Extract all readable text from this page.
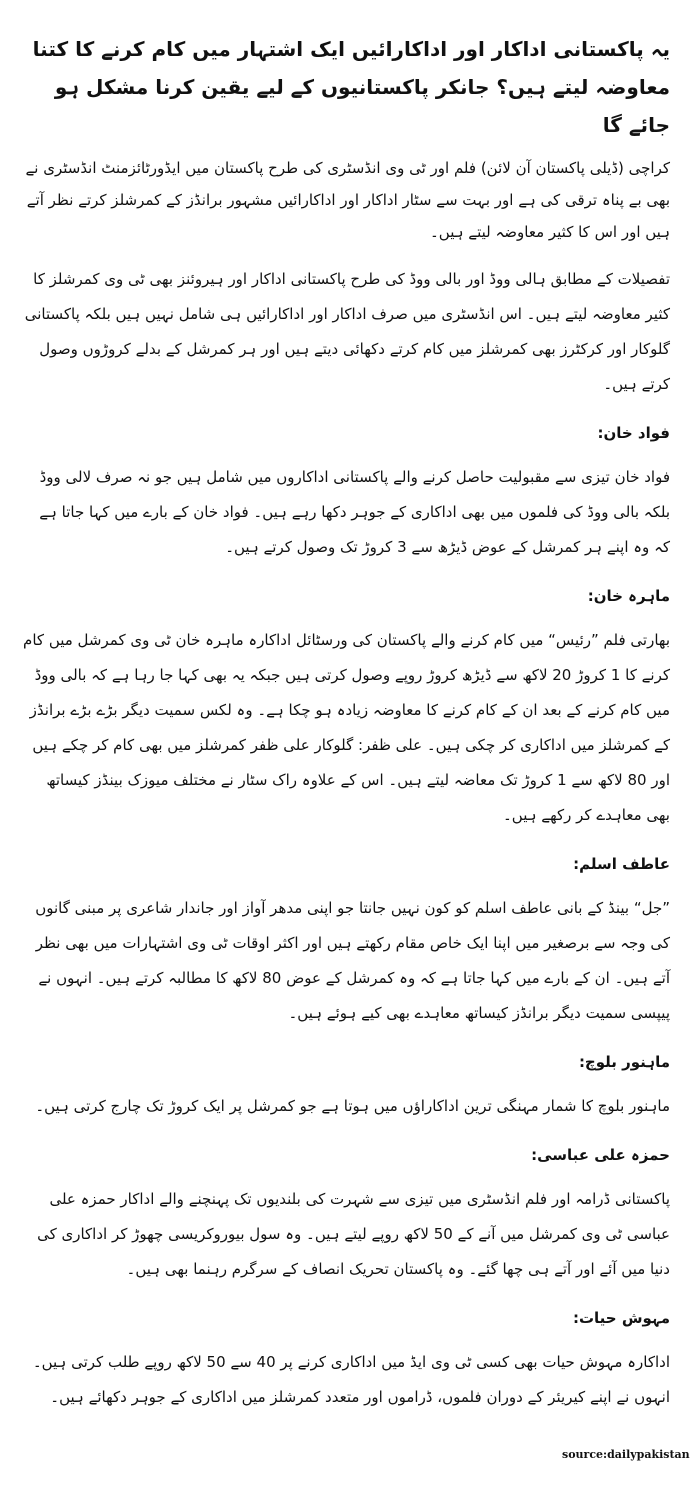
یہ پاکستانی اداکار اور اداکارائیں ایک اشتہار میں کام کرنے کا کتنا معاوضہ لیتے ہیں؟ جانکر پاکستانیوں کے لیے یقین کرنا مشکل ہو جائے گا

کراچی (ڈیلی پاکستان آن لائن) فلم اور ٹی وی انڈسٹری کی طرح پاکستان میں ایڈورٹائزمنٹ انڈسٹری نے بھی بے پناہ ترقی کی ہے اور بہت سے سٹار اداکار اور اداکارائیں مشہور برانڈز کے کمرشلز کرتے نظر آتے ہیں اور اس کا کثیر معاوضہ لیتے ہیں۔

تفصیلات کے مطابق ہالی ووڈ اور بالی ووڈ کی طرح پاکستانی اداکار اور ہیروئنز بھی ٹی وی کمرشلز کا کثیر معاوضہ لیتے ہیں۔ اس انڈسٹری میں صرف اداکار اور اداکارائیں ہی شامل نہیں ہیں بلکہ پاکستانی گلوکار اور کرکٹرز بھی کمرشلز میں کام کرتے دکھائی دیتے ہیں اور ہر کمرشل کے بدلے کروڑوں وصول کرتے ہیں۔

فواد خان:

فواد خان تیزی سے مقبولیت حاصل کرنے والے پاکستانی اداکاروں میں شامل ہیں جو نہ صرف لالی ووڈ بلکہ بالی ووڈ کی فلموں میں بھی اداکاری کے جوہر دکھا رہے ہیں۔ فواد خان کے بارے میں کہا جاتا ہے کہ وہ اپنے ہر کمرشل کے عوض ڈیڑھ سے 3 کروڑ تک وصول کرتے ہیں۔

ماہرہ خان:

بھارتی فلم ”رئیس“ میں کام کرنے والے پاکستان کی ورسٹائل اداکارہ ماہرہ خان ٹی وی کمرشل میں کام کرنے کا 1 کروڑ 20 لاکھ سے ڈیڑھ کروڑ روپے وصول کرتی ہیں جبکہ یہ بھی کہا جا رہا ہے کہ بالی ووڈ میں کام کرنے کے بعد ان کے کام کرنے کا معاوضہ زیادہ ہو چکا ہے۔ وہ لکس سمیت دیگر بڑے بڑے برانڈز کے کمرشلز میں اداکاری کر چکی ہیں۔ علی ظفر: گلوکار علی ظفر کمرشلز میں بھی کام کر چکے ہیں اور 80 لاکھ سے 1 کروڑ تک معاضہ لیتے ہیں۔ اس کے علاوہ راک سٹار نے مختلف میوزک بینڈز کیساتھ بھی معاہدے کر رکھے ہیں۔

عاطف اسلم:

”جل“ بینڈ کے بانی عاطف اسلم کو کون نہیں جانتا جو اپنی مدھر آواز اور جاندار شاعری پر مبنی گانوں کی وجہ سے برصغیر میں اپنا ایک خاص مقام رکھتے ہیں اور اکثر اوقات ٹی وی اشتہارات میں بھی نظر آتے ہیں۔ ان کے بارے میں کہا جاتا ہے کہ وہ کمرشل کے عوض 80 لاکھ کا مطالبہ کرتے ہیں۔ انہوں نے پیپسی سمیت دیگر برانڈز کیساتھ معاہدے بھی کیے ہوئے ہیں۔

ماہنور بلوچ:

ماہنور بلوچ کا شمار مہنگی ترین اداکاراؤں میں ہوتا ہے جو کمرشل پر ایک کروڑ تک چارج کرتی ہیں۔

حمزہ علی عباسی:

پاکستانی ڈرامہ اور فلم انڈسٹری میں تیزی سے شہرت کی بلندیوں تک پہنچنے والے اداکار حمزہ علی عباسی ٹی وی کمرشل میں آنے کے 50 لاکھ روپے لیتے ہیں۔ وہ سول بیوروکریسی چھوڑ کر اداکاری کی دنیا میں آئے اور آتے ہی چھا گئے۔ وہ پاکستان تحریک انصاف کے سرگرم رہنما بھی ہیں۔

مہوش حیات:

اداکارہ مہوش حیات بھی کسی ٹی وی ایڈ میں اداکاری کرنے پر 40 سے 50 لاکھ روپے طلب کرتی ہیں۔ انہوں نے اپنے کیریئر کے دوران فلموں، ڈراموں اور متعدد کمرشلز میں اداکاری کے جوہر دکھائے ہیں۔

source:dailypakistan
